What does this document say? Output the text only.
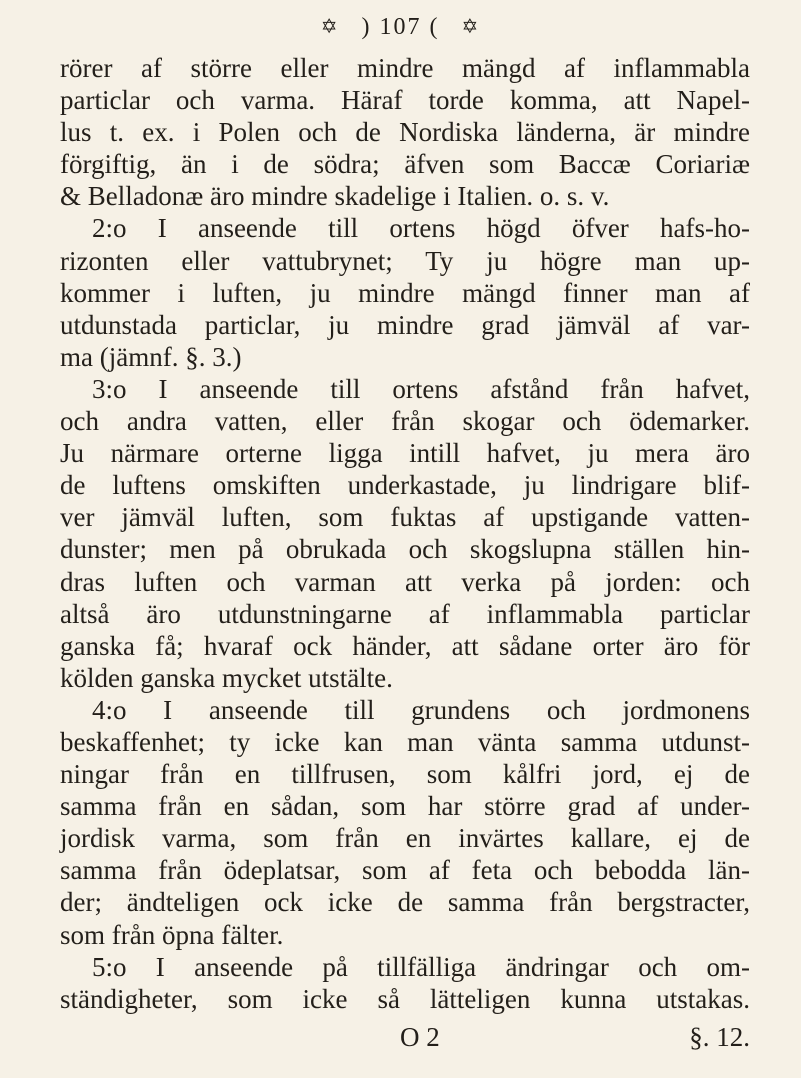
✡ ) 107 ( ✡
rörer af större eller mindre mängd af inflammabla
particlar och varma. Häraf torde komma, att Napel-
lus t. ex. i Polen och de Nordiska länderna, är mindre
förgiftig, än i de södra; äfven som Baccæ Coriariæ
& Belladonæ äro mindre skadelige i Italien. o. s. v.
2:o I anseende till ortens högd öfver hafs-ho-
rizonten eller vattubrynet; Ty ju högre man up-
kommer i luften, ju mindre mängd finner man af
utdunstada particlar, ju mindre grad jämväl af var-
ma (jämnf. §. 3.)
3:o I anseende till ortens afstånd från hafvet,
och andra vatten, eller från skogar och ödemarker.
Ju närmare orterne ligga intill hafvet, ju mera äro
de luftens omskiften underkastade, ju lindrigare blif-
ver jämväl luften, som fuktas af upstigande vatten-
dunster; men på obrukada och skogslupna ställen hin-
dras luften och varman att verka på jorden: och
altså äro utdunstningarne af inflammabla particlar
ganska få; hvaraf ock händer, att sådane orter äro för
kölden ganska mycket utstälte.
4:o I anseende till grundens och jordmonens
beskaffenhet; ty icke kan man vänta samma utdunst-
ningar från en tillfrusen, som kålfri jord, ej de
samma från en sådan, som har större grad af under-
jordisk varma, som från en invärtes kallare, ej de
samma från ödeplatsar, som af feta och bebodda län-
der; ändteligen ock icke de samma från bergstracter,
som från öpna fälter.
5:o I anseende på tillfälliga ändringar och om-
ständigheter, som icke så lätteligen kunna utstakas.
O 2	§. 12.
